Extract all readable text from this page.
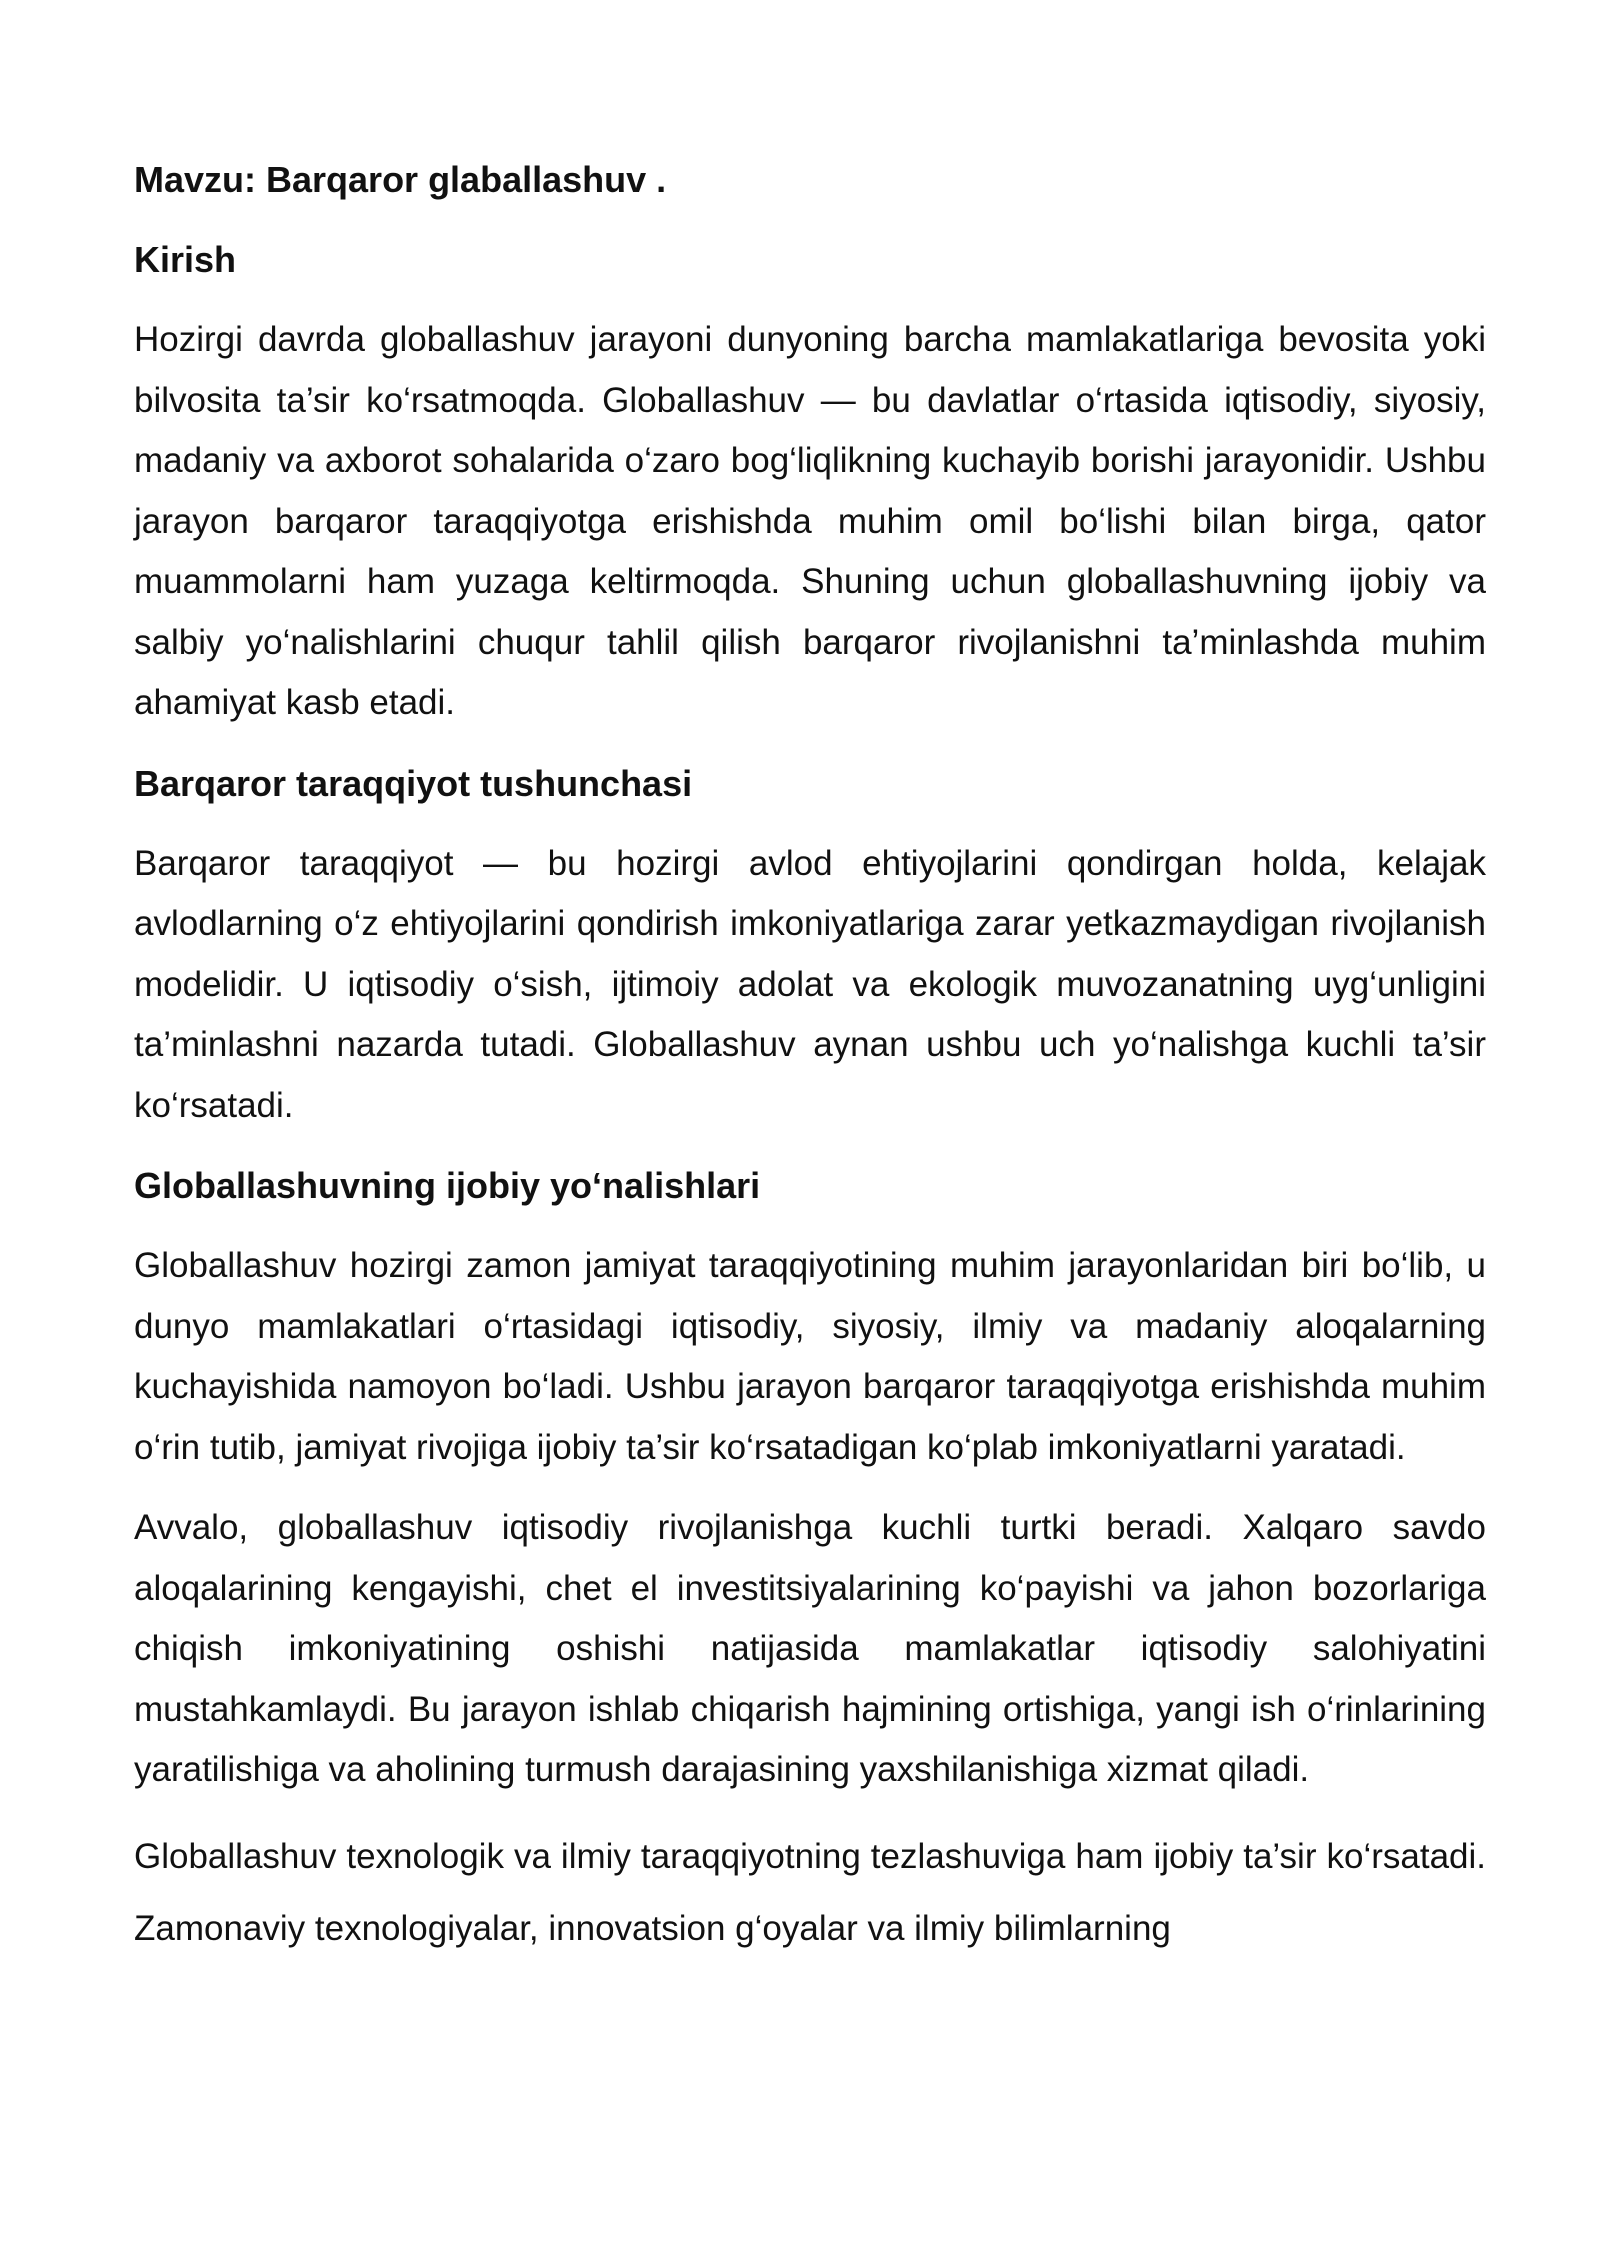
Mavzu: Barqaror glaballashuv .
Kirish

Hozirgi davrda globallashuv jarayoni dunyoning barcha mamlakatlariga bevosita yoki bilvosita ta’sir ko‘rsatmoqda. Globallashuv — bu davlatlar o‘rtasida iqtisodiy, siyosiy, madaniy va axborot sohalarida o‘zaro bog‘liqlikning kuchayib borishi jarayonidir. Ushbu jarayon barqaror taraqqiyotga erishishda muhim omil bo‘lishi bilan birga, qator muammolarni ham yuzaga keltirmoqda. Shuning uchun globallashuvning ijobiy va salbiy yo‘nalishlarini chuqur tahlil qilish barqaror rivojlanishni ta’minlashda muhim ahamiyat kasb etadi.

Barqaror taraqqiyot tushunchasi

Barqaror taraqqiyot — bu hozirgi avlod ehtiyojlarini qondirgan holda, kelajak avlodlarning o‘z ehtiyojlarini qondirish imkoniyatlariga zarar yetkazmaydigan rivojlanish modelidir. U iqtisodiy o‘sish, ijtimoiy adolat va ekologik muvozanatning uyg‘unligini ta’minlashni nazarda tutadi. Globallashuv aynan ushbu uch yo‘nalishga kuchli ta’sir ko‘rsatadi.

Globallashuvning ijobiy yo‘nalishlari

Globallashuv hozirgi zamon jamiyat taraqqiyotining muhim jarayonlaridan biri bo‘lib, u dunyo mamlakatlari o‘rtasidagi iqtisodiy, siyosiy, ilmiy va madaniy aloqalarning kuchayishida namoyon bo‘ladi. Ushbu jarayon barqaror taraqqiyotga erishishda muhim o‘rin tutib, jamiyat rivojiga ijobiy ta’sir ko‘rsatadigan ko‘plab imkoniyatlarni yaratadi.

Avvalo, globallashuv iqtisodiy rivojlanishga kuchli turtki beradi. Xalqaro savdo aloqalarining kengayishi, chet el investitsiyalarining ko‘payishi va jahon bozorlariga chiqish imkoniyatining oshishi natijasida mamlakatlar iqtisodiy salohiyatini mustahkamlaydi. Bu jarayon ishlab chiqarish hajmining ortishiga, yangi ish o‘rinlarining yaratilishiga va aholining turmush darajasining yaxshilanishiga xizmat qiladi.

Globallashuv texnologik va ilmiy taraqqiyotning tezlashuviga ham ijobiy ta’sir ko‘rsatadi. Zamonaviy texnologiyalar, innovatsion g‘oyalar va ilmiy bilimlarning
